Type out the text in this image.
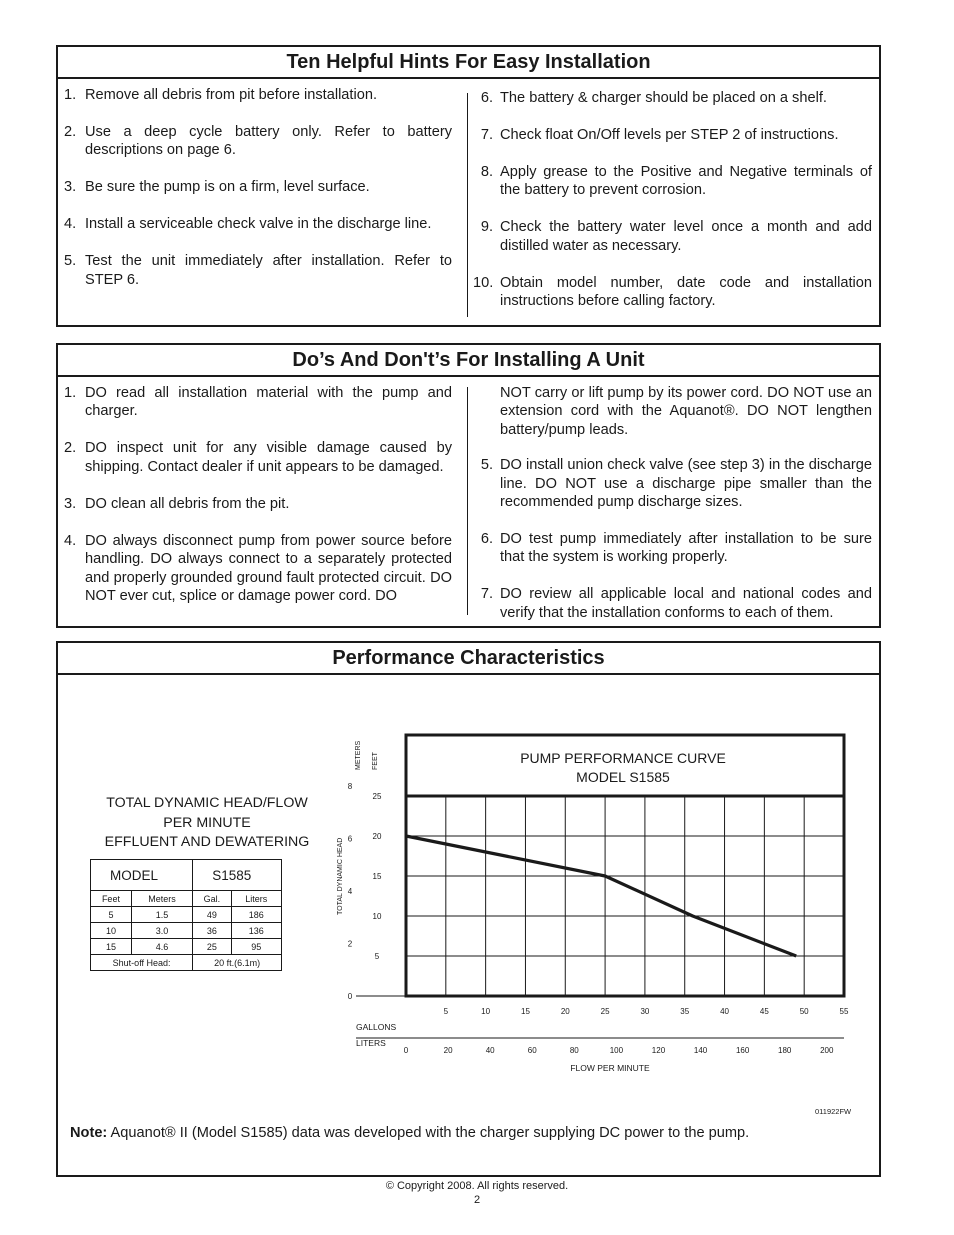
Ten Helpful Hints For Easy Installation
1. Remove all debris from pit before installation.
2. Use a deep cycle battery only. Refer to battery descriptions on page 6.
3. Be sure the pump is on a firm, level surface.
4. Install a serviceable check valve in the discharge line.
5. Test the unit immediately after installation. Refer to STEP 6.
6. The battery & charger should be placed on a shelf.
7. Check float On/Off levels per STEP 2 of instructions.
8. Apply grease to the Positive and Negative terminals of the battery to prevent corrosion.
9. Check the battery water level once a month and add distilled water as necessary.
10. Obtain model number, date code and installation instructions before calling factory.
Do’s And Don't’s For Installing A Unit
1. DO read all installation material with the pump and charger.
2. DO inspect unit for any visible damage caused by shipping. Contact dealer if unit appears to be damaged.
3. DO clean all debris from the pit.
4. DO always disconnect pump from power source before handling. DO always connect to a separately protected and properly grounded ground fault protected circuit. DO NOT ever cut, splice or damage power cord. DO
NOT carry or lift pump by its power cord. DO NOT use an extension cord with the Aquanot®. DO NOT lengthen battery/pump leads.
5. DO install union check valve (see step 3) in the discharge line. DO NOT use a discharge pipe smaller than the recommended pump discharge sizes.
6. DO test pump immediately after installation to be sure that the system is working properly.
7. DO review all applicable local and national codes and verify that the installation conforms to each of them.
Performance Characteristics
TOTAL DYNAMIC HEAD/FLOW
PER MINUTE
EFFLUENT AND DEWATERING
MODEL		S1585	
Feet	Meters	Gal.	Liters
5	1.5	49	186
10	3.0	36	136
15	4.6	25	95
Shut-off Head:		20 ft.(6.1m)	
PUMP PERFORMANCE CURVE
MODEL S1585
5
10
15
20
25
0
2
4
6
8
METERS FEET
TOTAL DYNAMIC HEAD
5	10	15	20	25	30	35	40	45	50	55
0	20	40	60	80	100	120	140	160	180	200
GALLONS
LITERS
FLOW PER MINUTE
011922FW
Note: Aquanot® II (Model S1585) data was developed with the charger supplying DC power to the pump.
© Copyright 2008. All rights reserved.
2
